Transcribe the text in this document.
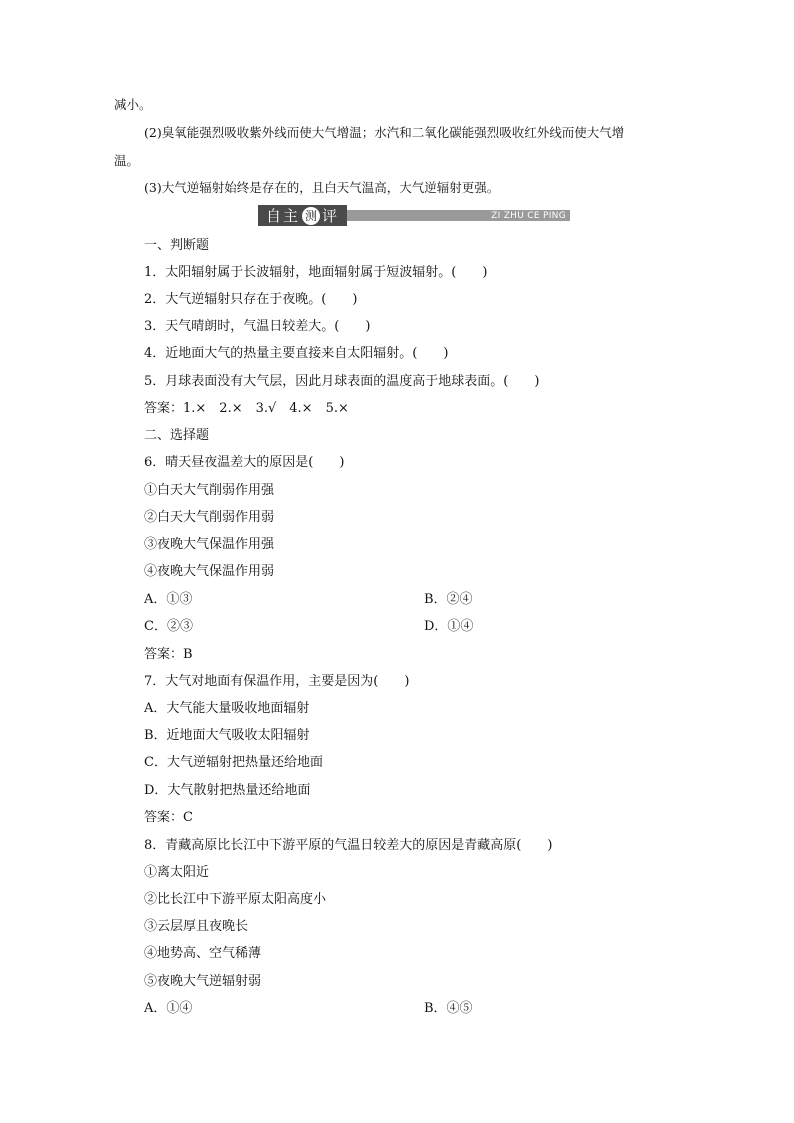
减小。
(2)臭氧能强烈吸收紫外线而使大气增温；水汽和二氧化碳能强烈吸收红外线而使大气增
温。
(3)大气逆辐射始终是存在的，且白天气温高，大气逆辐射更强。
自主 测 评	ZI ZHU CE PING
一、判断题
1．太阳辐射属于长波辐射，地面辐射属于短波辐射。(　　)
2．大气逆辐射只存在于夜晚。(　　)
3．天气晴朗时，气温日较差大。(　　)
4．近地面大气的热量主要直接来自太阳辐射。(　　)
5．月球表面没有大气层，因此月球表面的温度高于地球表面。(　　)
答案：1.×　2.×　3.√　4.×　5.×
二、选择题
6．晴天昼夜温差大的原因是(　　)
①白天大气削弱作用强
②白天大气削弱作用弱
③夜晚大气保温作用强
④夜晚大气保温作用弱
A．①③	B．②④
C．②③	D．①④
答案：B
7．大气对地面有保温作用，主要是因为(　　)
A．大气能大量吸收地面辐射
B．近地面大气吸收太阳辐射
C．大气逆辐射把热量还给地面
D．大气散射把热量还给地面
答案：C
8．青藏高原比长江中下游平原的气温日较差大的原因是青藏高原(　　)
①离太阳近
②比长江中下游平原太阳高度小
③云层厚且夜晚长
④地势高、空气稀薄
⑤夜晚大气逆辐射弱
A．①④	B．④⑤
